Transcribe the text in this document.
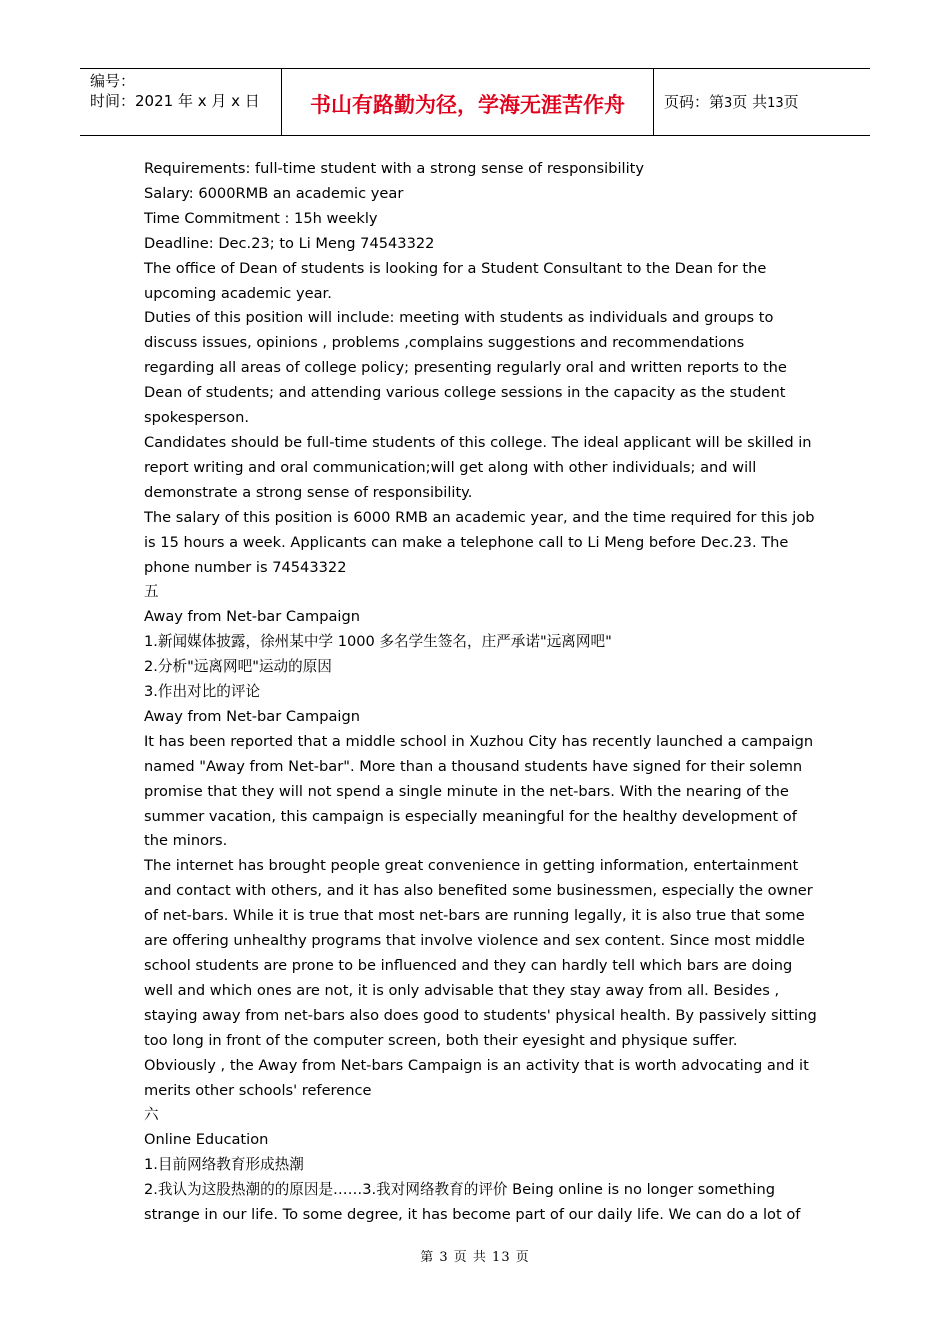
编号：
时间：2021 年 x 月 x 日	书山有路勤为径，学海无涯苦作舟	页码：第3页 共13页

Requirements: full-time student with a strong sense of responsibility

Salary: 6000RMB an academic year

Time Commitment : 15h weekly

Deadline: Dec.23; to Li Meng 74543322

The office of Dean of students is looking for a Student Consultant to the Dean for the

upcoming academic year.

Duties of this position will include: meeting with students as individuals and groups to

discuss issues, opinions , problems ,complains suggestions and recommendations

regarding all areas of college policy; presenting regularly oral and written reports to the

Dean of students; and attending various college sessions in the capacity as the student

spokesperson.

Candidates should be full-time students of this college. The ideal applicant will be skilled in

report writing and oral communication;will get along with other individuals; and will

demonstrate a strong sense of responsibility.

The salary of this position is 6000 RMB an academic year, and the time required for this job

is 15 hours a week. Applicants can make a telephone call to Li Meng before Dec.23. The

phone number is 74543322

五

Away from Net-bar Campaign

1.新闻媒体披露，徐州某中学 1000 多名学生签名，庄严承诺"远离网吧"

2.分析"远离网吧"运动的原因

3.作出对比的评论

Away from Net-bar Campaign

It has been reported that a middle school in Xuzhou City has recently launched a campaign

named "Away from Net-bar". More than a thousand students have signed for their solemn

promise that they will not spend a single minute in the net-bars. With the nearing of the

summer vacation, this campaign is especially meaningful for the healthy development of

the minors.

The internet has brought people great convenience in getting information, entertainment

and contact with others, and it has also benefited some businessmen, especially the owner

of net-bars. While it is true that most net-bars are running legally, it is also true that some

are offering unhealthy programs that involve violence and sex content. Since most middle

school students are prone to be influenced and they can hardly tell which bars are doing

well and which ones are not, it is only advisable that they stay away from all. Besides ,

staying away from net-bars also does good to students' physical health. By passively sitting

too long in front of the computer screen, both their eyesight and physique suffer.

Obviously , the Away from Net-bars Campaign is an activity that is worth advocating and it

merits other schools' reference

六

Online Education

1.目前网络教育形成热潮

2.我认为这股热潮的的原因是……3.我对网络教育的评价 Being online is no longer something

strange in our life. To some degree, it has become part of our daily life. We can do a lot of

第 3 页 共 13 页
